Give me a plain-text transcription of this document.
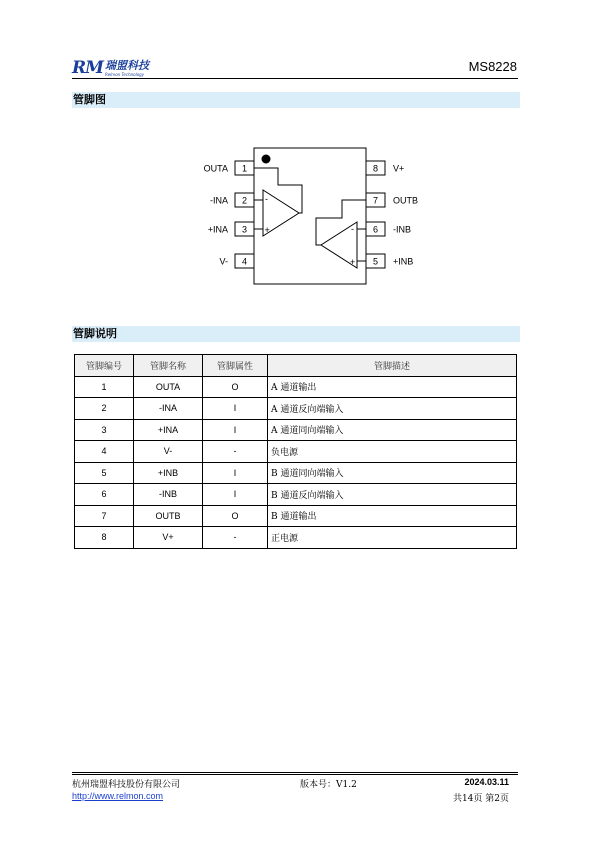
RM 瑞盟科技
Relmon Technology
MS8228
管脚图
1
OUTA
2
-INA
3
+INA
4
V-
8 V+
7 OUTB
6 -INB
5 +INB
-
+	-
+
管脚说明
管脚编号	管脚名称	管脚属性	管脚描述
1	OUTA	O	A 通道输出
2	-INA	I	A 通道反向端输入
3	+INA	I	A 通道同向端输入
4	V-	-	负电源
5	+INB	I	B 通道同向端输入
6	-INB	I	B 通道反向端输入
7	OUTB	O	B 通道输出
8	V+	-	正电源
杭州瑞盟科技股份有限公司	版本号：V1.2	2024.03.11
http://www.relmon.com	共14页 第2页
